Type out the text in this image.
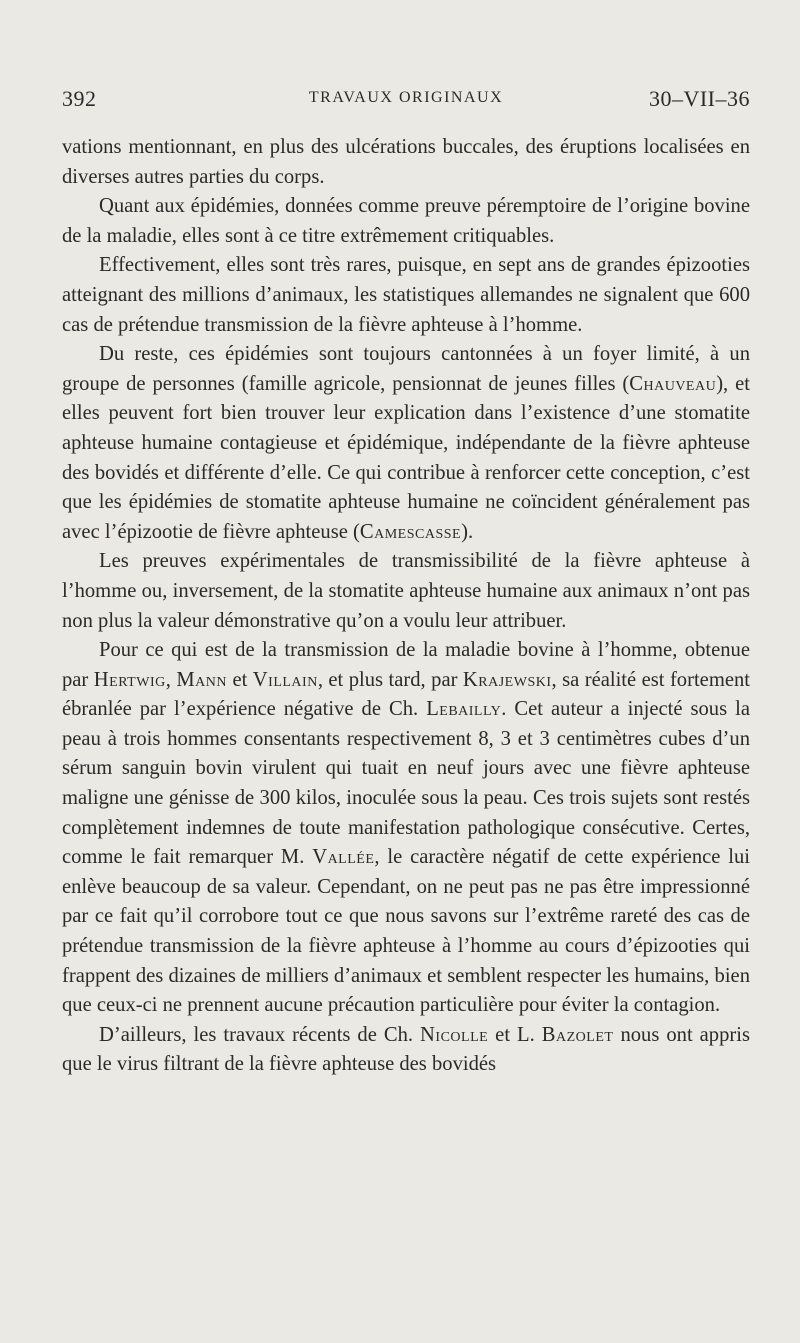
392	TRAVAUX ORIGINAUX	30–VII–36

vations mentionnant, en plus des ulcérations buccales, des éruptions localisées en diverses autres parties du corps.

Quant aux épidémies, données comme preuve péremptoire de l’origine bovine de la maladie, elles sont à ce titre extrêmement critiquables.

Effectivement, elles sont très rares, puisque, en sept ans de grandes épizooties atteignant des millions d’animaux, les statistiques allemandes ne signalent que 600 cas de prétendue transmission de la fièvre aphteuse à l’homme.

Du reste, ces épidémies sont toujours cantonnées à un foyer limité, à un groupe de personnes (famille agricole, pensionnat de jeunes filles (Chauveau), et elles peuvent fort bien trouver leur explication dans l’existence d’une stomatite aphteuse humaine contagieuse et épidémique, indépendante de la fièvre aphteuse des bovidés et différente d’elle. Ce qui contribue à renforcer cette conception, c’est que les épidémies de stomatite aphteuse humaine ne coïncident généralement pas avec l’épizootie de fièvre aphteuse (Camescasse).

Les preuves expérimentales de transmissibilité de la fièvre aphteuse à l’homme ou, inversement, de la stomatite aphteuse humaine aux animaux n’ont pas non plus la valeur démonstrative qu’on a voulu leur attribuer.

Pour ce qui est de la transmission de la maladie bovine à l’homme, obtenue par Hertwig, Mann et Villain, et plus tard, par Krajewski, sa réalité est fortement ébranlée par l’expérience négative de Ch. Lebailly. Cet auteur a injecté sous la peau à trois hommes consentants respectivement 8, 3 et 3 centimètres cubes d’un sérum sanguin bovin virulent qui tuait en neuf jours avec une fièvre aphteuse maligne une génisse de 300 kilos, inoculée sous la peau. Ces trois sujets sont restés complètement indemnes de toute manifestation pathologique consécutive. Certes, comme le fait remarquer M. Vallée, le caractère négatif de cette expérience lui enlève beaucoup de sa valeur. Cependant, on ne peut pas ne pas être impressionné par ce fait qu’il corrobore tout ce que nous savons sur l’extrême rareté des cas de prétendue transmission de la fièvre aphteuse à l’homme au cours d’épizooties qui frappent des dizaines de milliers d’animaux et semblent respecter les humains, bien que ceux-ci ne prennent aucune précaution particulière pour éviter la contagion.

D’ailleurs, les travaux récents de Ch. Nicolle et L. Bazolet nous ont appris que le virus filtrant de la fièvre aphteuse des bovidés
